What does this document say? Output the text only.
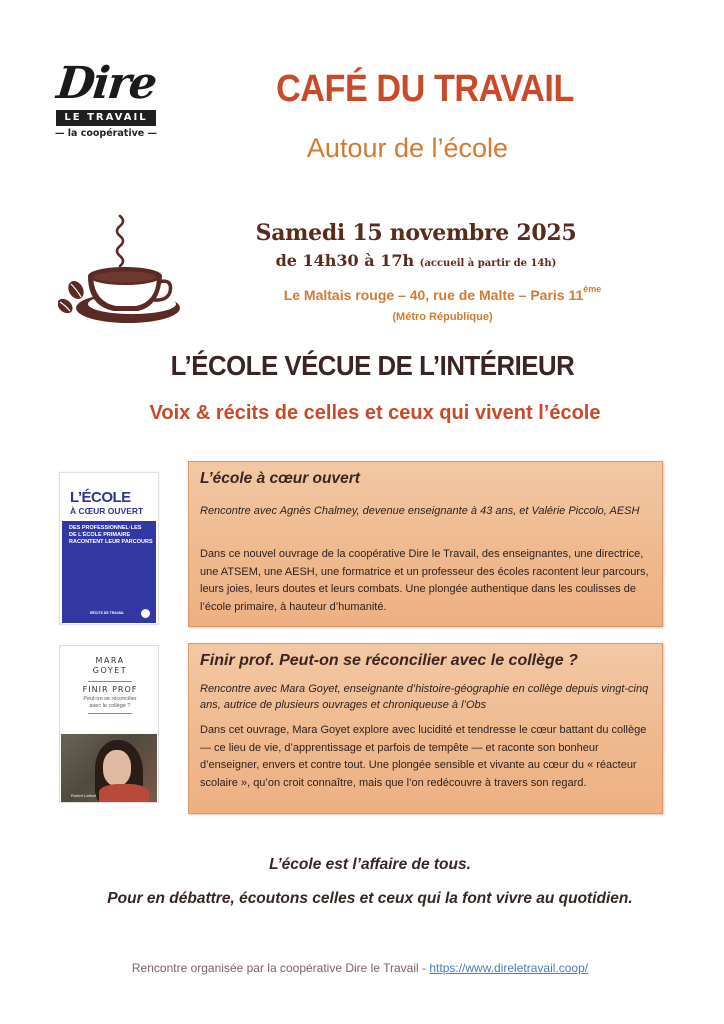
Dire
LE TRAVAIL
— la coopérative —
CAFÉ DU TRAVAIL
Autour de l’école
Samedi 15 novembre 2025
de 14h30 à 17h (accueil à partir de 14h)
Le Maltais rouge – 40, rue de Malte – Paris 11ème
(Métro République)
L’ÉCOLE VÉCUE DE L’INTÉRIEUR
Voix & récits de celles et ceux qui vivent l’école
L’ÉCOLE
À CŒUR OUVERT
DES PROFESSIONNEL·LES
DE L’ÉCOLE PRIMAIRE
RACONTENT LEUR PARCOURS
RÉCITS DE TRAVAIL
L’école à cœur ouvert
Rencontre avec Agnès Chalmey, devenue enseignante à 43 ans, et Valérie Piccolo, AESH
Dans ce nouvel ouvrage de la coopérative Dire le Travail, des enseignantes, une directrice, une ATSEM, une AESH, une formatrice et un professeur des écoles racontent leur parcours, leurs joies, leurs doutes et leurs combats. Une plongée authentique dans les coulisses de l’école primaire, à hauteur d’humanité.
MARA
GOYET
FINIR PROF
Peut-on se réconcilier
avec le collège ?
Robert Laffont
Finir prof. Peut-on se réconcilier avec le collège ?
Rencontre avec Mara Goyet, enseignante d’histoire-géographie en collège depuis vingt-cinq ans, autrice de plusieurs ouvrages et chroniqueuse à l’Obs
Dans cet ouvrage, Mara Goyet explore avec lucidité et tendresse le cœur battant du collège — ce lieu de vie, d’apprentissage et parfois de tempête — et raconte son bonheur d’enseigner, envers et contre tout. Une plongée sensible et vivante au cœur du « réacteur scolaire », qu’on croit connaître, mais que l’on redécouvre à travers son regard.
L’école est l’affaire de tous.
Pour en débattre, écoutons celles et ceux qui la font vivre au quotidien.
Rencontre organisée par la coopérative Dire le Travail - https://www.direletravail.coop/
